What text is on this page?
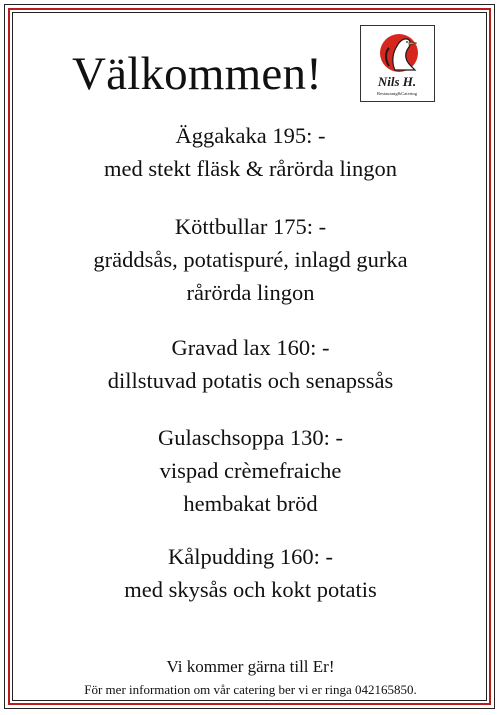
Välkommen!	Nils H.
Restaurang&Catering
Äggakaka 195: -
med stekt fläsk & rårörda lingon
Köttbullar 175: -
gräddsås, potatispuré, inlagd gurka
rårörda lingon
Gravad lax 160: -
dillstuvad potatis och senapssås
Gulaschsoppa 130: -
vispad crèmefraiche
hembakat bröd
Kålpudding 160: -
med skysås och kokt potatis
Vi kommer gärna till Er!
För mer information om vår catering ber vi er ringa 042165850.
